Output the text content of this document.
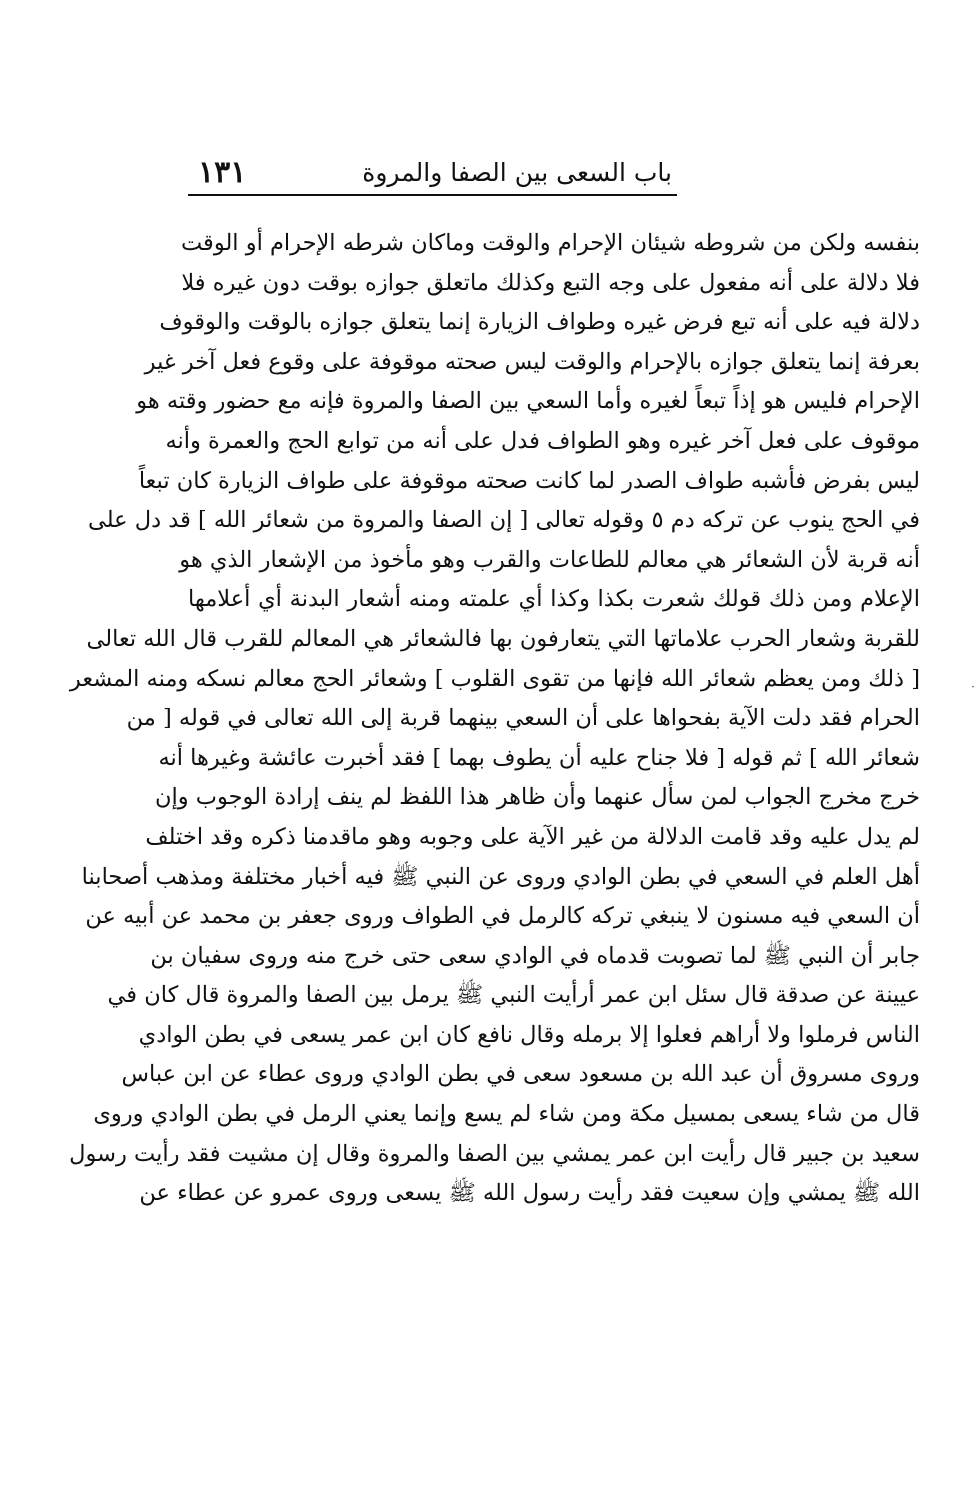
١٣١	باب السعى بين الصفا والمروة
بنفسه ولكن من شروطه شيئان الإحرام والوقت وماكان شرطه الإحرام أو الوقت
فلا دلالة على أنه مفعول على وجه التبع وكذلك ماتعلق جوازه بوقت دون غيره فلا
دلالة فيه على أنه تبع فرض غيره وطواف الزيارة إنما يتعلق جوازه بالوقت والوقوف
بعرفة إنما يتعلق جوازه بالإحرام والوقت ليس صحته موقوفة على وقوع فعل آخر غير
الإحرام فليس هو إذاً تبعاً لغيره وأما السعي بين الصفا والمروة فإنه مع حضور وقته هو
موقوف على فعل آخر غيره وهو الطواف فدل على أنه من توابع الحج والعمرة وأنه
ليس بفرض فأشبه طواف الصدر لما كانت صحته موقوفة على طواف الزيارة كان تبعاً
في الحج ينوب عن تركه دم ٥ وقوله تعالى [ إن الصفا والمروة من شعائر الله ] قد دل على
أنه قربة لأن الشعائر هي معالم للطاعات والقرب وهو مأخوذ من الإشعار الذي هو
الإعلام ومن ذلك قولك شعرت بكذا وكذا أي علمته ومنه أشعار البدنة أي أعلامها
للقربة وشعار الحرب علاماتها التي يتعارفون بها فالشعائر هي المعالم للقرب قال الله تعالى
[ ذلك ومن يعظم شعائر الله فإنها من تقوى القلوب ] وشعائر الحج معالم نسكه ومنه المشعر
الحرام فقد دلت الآية بفحواها على أن السعي بينهما قربة إلى الله تعالى في قوله [ من
شعائر الله ] ثم قوله [ فلا جناح عليه أن يطوف بهما ] فقد أخبرت عائشة وغيرها أنه
خرج مخرج الجواب لمن سأل عنهما وأن ظاهر هذا اللفظ لم ينف إرادة الوجوب وإن
لم يدل عليه وقد قامت الدلالة من غير الآية على وجوبه وهو ماقدمنا ذكره وقد اختلف
أهل العلم في السعي في بطن الوادي وروى عن النبي ﷺ فيه أخبار مختلفة ومذهب أصحابنا
أن السعي فيه مسنون لا ينبغي تركه كالرمل في الطواف وروى جعفر بن محمد عن أبيه عن
جابر أن النبي ﷺ لما تصوبت قدماه في الوادي سعى حتى خرج منه وروى سفيان بن
عيينة عن صدقة قال سئل ابن عمر أرأيت النبي ﷺ يرمل بين الصفا والمروة قال كان في
الناس فرملوا ولا أراهم فعلوا إلا برمله وقال نافع كان ابن عمر يسعى في بطن الوادي
وروى مسروق أن عبد الله بن مسعود سعى في بطن الوادي وروى عطاء عن ابن عباس
قال من شاء يسعى بمسيل مكة ومن شاء لم يسع وإنما يعني الرمل في بطن الوادي وروى
سعيد بن جبير قال رأيت ابن عمر يمشي بين الصفا والمروة وقال إن مشيت فقد رأيت رسول
الله ﷺ يمشي وإن سعيت فقد رأيت رسول الله ﷺ يسعى وروى عمرو عن عطاء عن
·
